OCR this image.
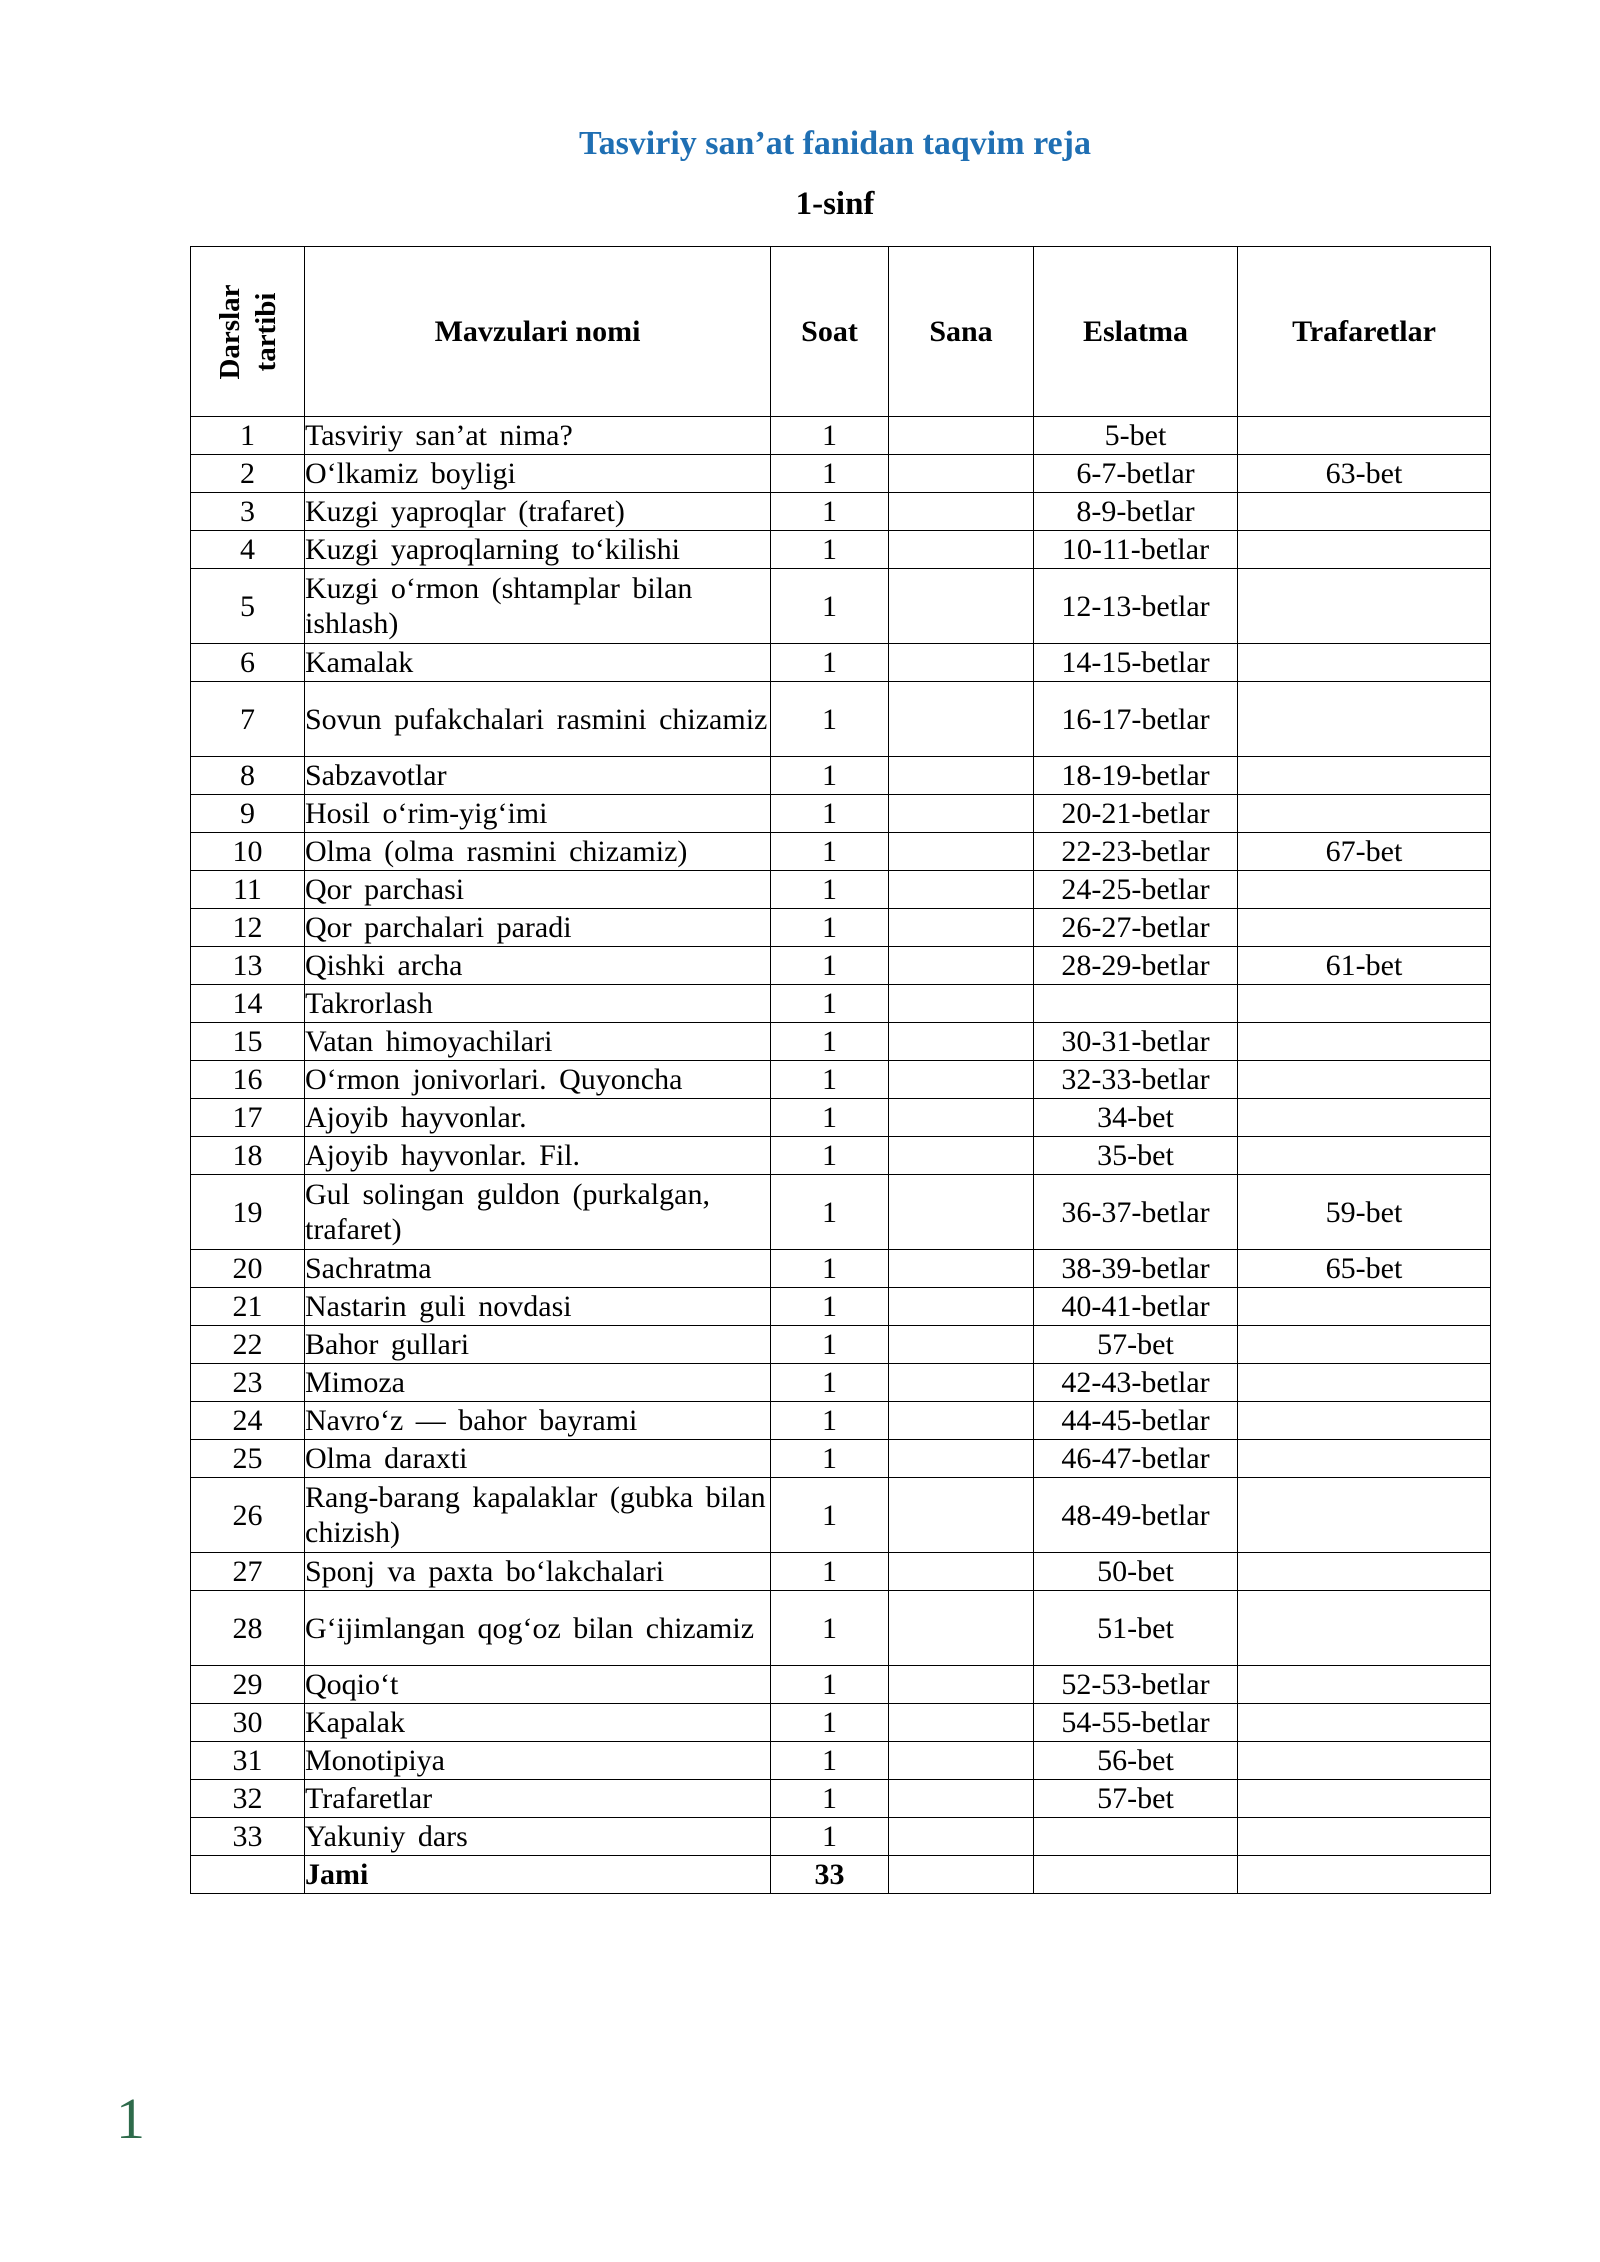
Tasviriy san’at fanidan taqvim reja
1-sinf
Darslar tartibi	Mavzulari nomi	Soat	Sana	Eslatma	Trafaretlar
1	Tasviriy san’at nima?	1		5-bet	
2	O‘lkamiz boyligi	1		6-7-betlar	63-bet
3	Kuzgi yaproqlar (trafaret)	1		8-9-betlar	
4	Kuzgi yaproqlarning to‘kilishi	1		10-11-betlar	
5	Kuzgi o‘rmon (shtamplar bilan ishlash)	1		12-13-betlar	
6	Kamalak	1		14-15-betlar	
7	Sovun pufakchalari rasmini chizamiz	1		16-17-betlar	
8	Sabzavotlar	1		18-19-betlar	
9	Hosil o‘rim-yig‘imi	1		20-21-betlar	
10	Olma (olma rasmini chizamiz)	1		22-23-betlar	67-bet
11	Qor parchasi	1		24-25-betlar	
12	Qor parchalari paradi	1		26-27-betlar	
13	Qishki archa	1		28-29-betlar	61-bet
14	Takrorlash	1			
15	Vatan himoyachilari	1		30-31-betlar	
16	O‘rmon jonivorlari. Quyoncha	1		32-33-betlar	
17	Ajoyib hayvonlar.	1		34-bet	
18	Ajoyib hayvonlar. Fil.	1		35-bet	
19	Gul solingan guldon (purkalgan, trafaret)	1		36-37-betlar	59-bet
20	Sachratma	1		38-39-betlar	65-bet
21	Nastarin guli novdasi	1		40-41-betlar	
22	Bahor gullari	1		57-bet	
23	Mimoza	1		42-43-betlar	
24	Navro‘z — bahor bayrami	1		44-45-betlar	
25	Olma daraxti	1		46-47-betlar	
26	Rang-barang kapalaklar (gubka bilan chizish)	1		48-49-betlar	
27	Sponj va paxta bo‘lakchalari	1		50-bet	
28	G‘ijimlangan qog‘oz bilan chizamiz	1		51-bet	
29	Qoqio‘t	1		52-53-betlar	
30	Kapalak	1		54-55-betlar	
31	Monotipiya	1		56-bet	
32	Trafaretlar	1		57-bet	
33	Yakuniy dars	1			
	Jami	33			
1
